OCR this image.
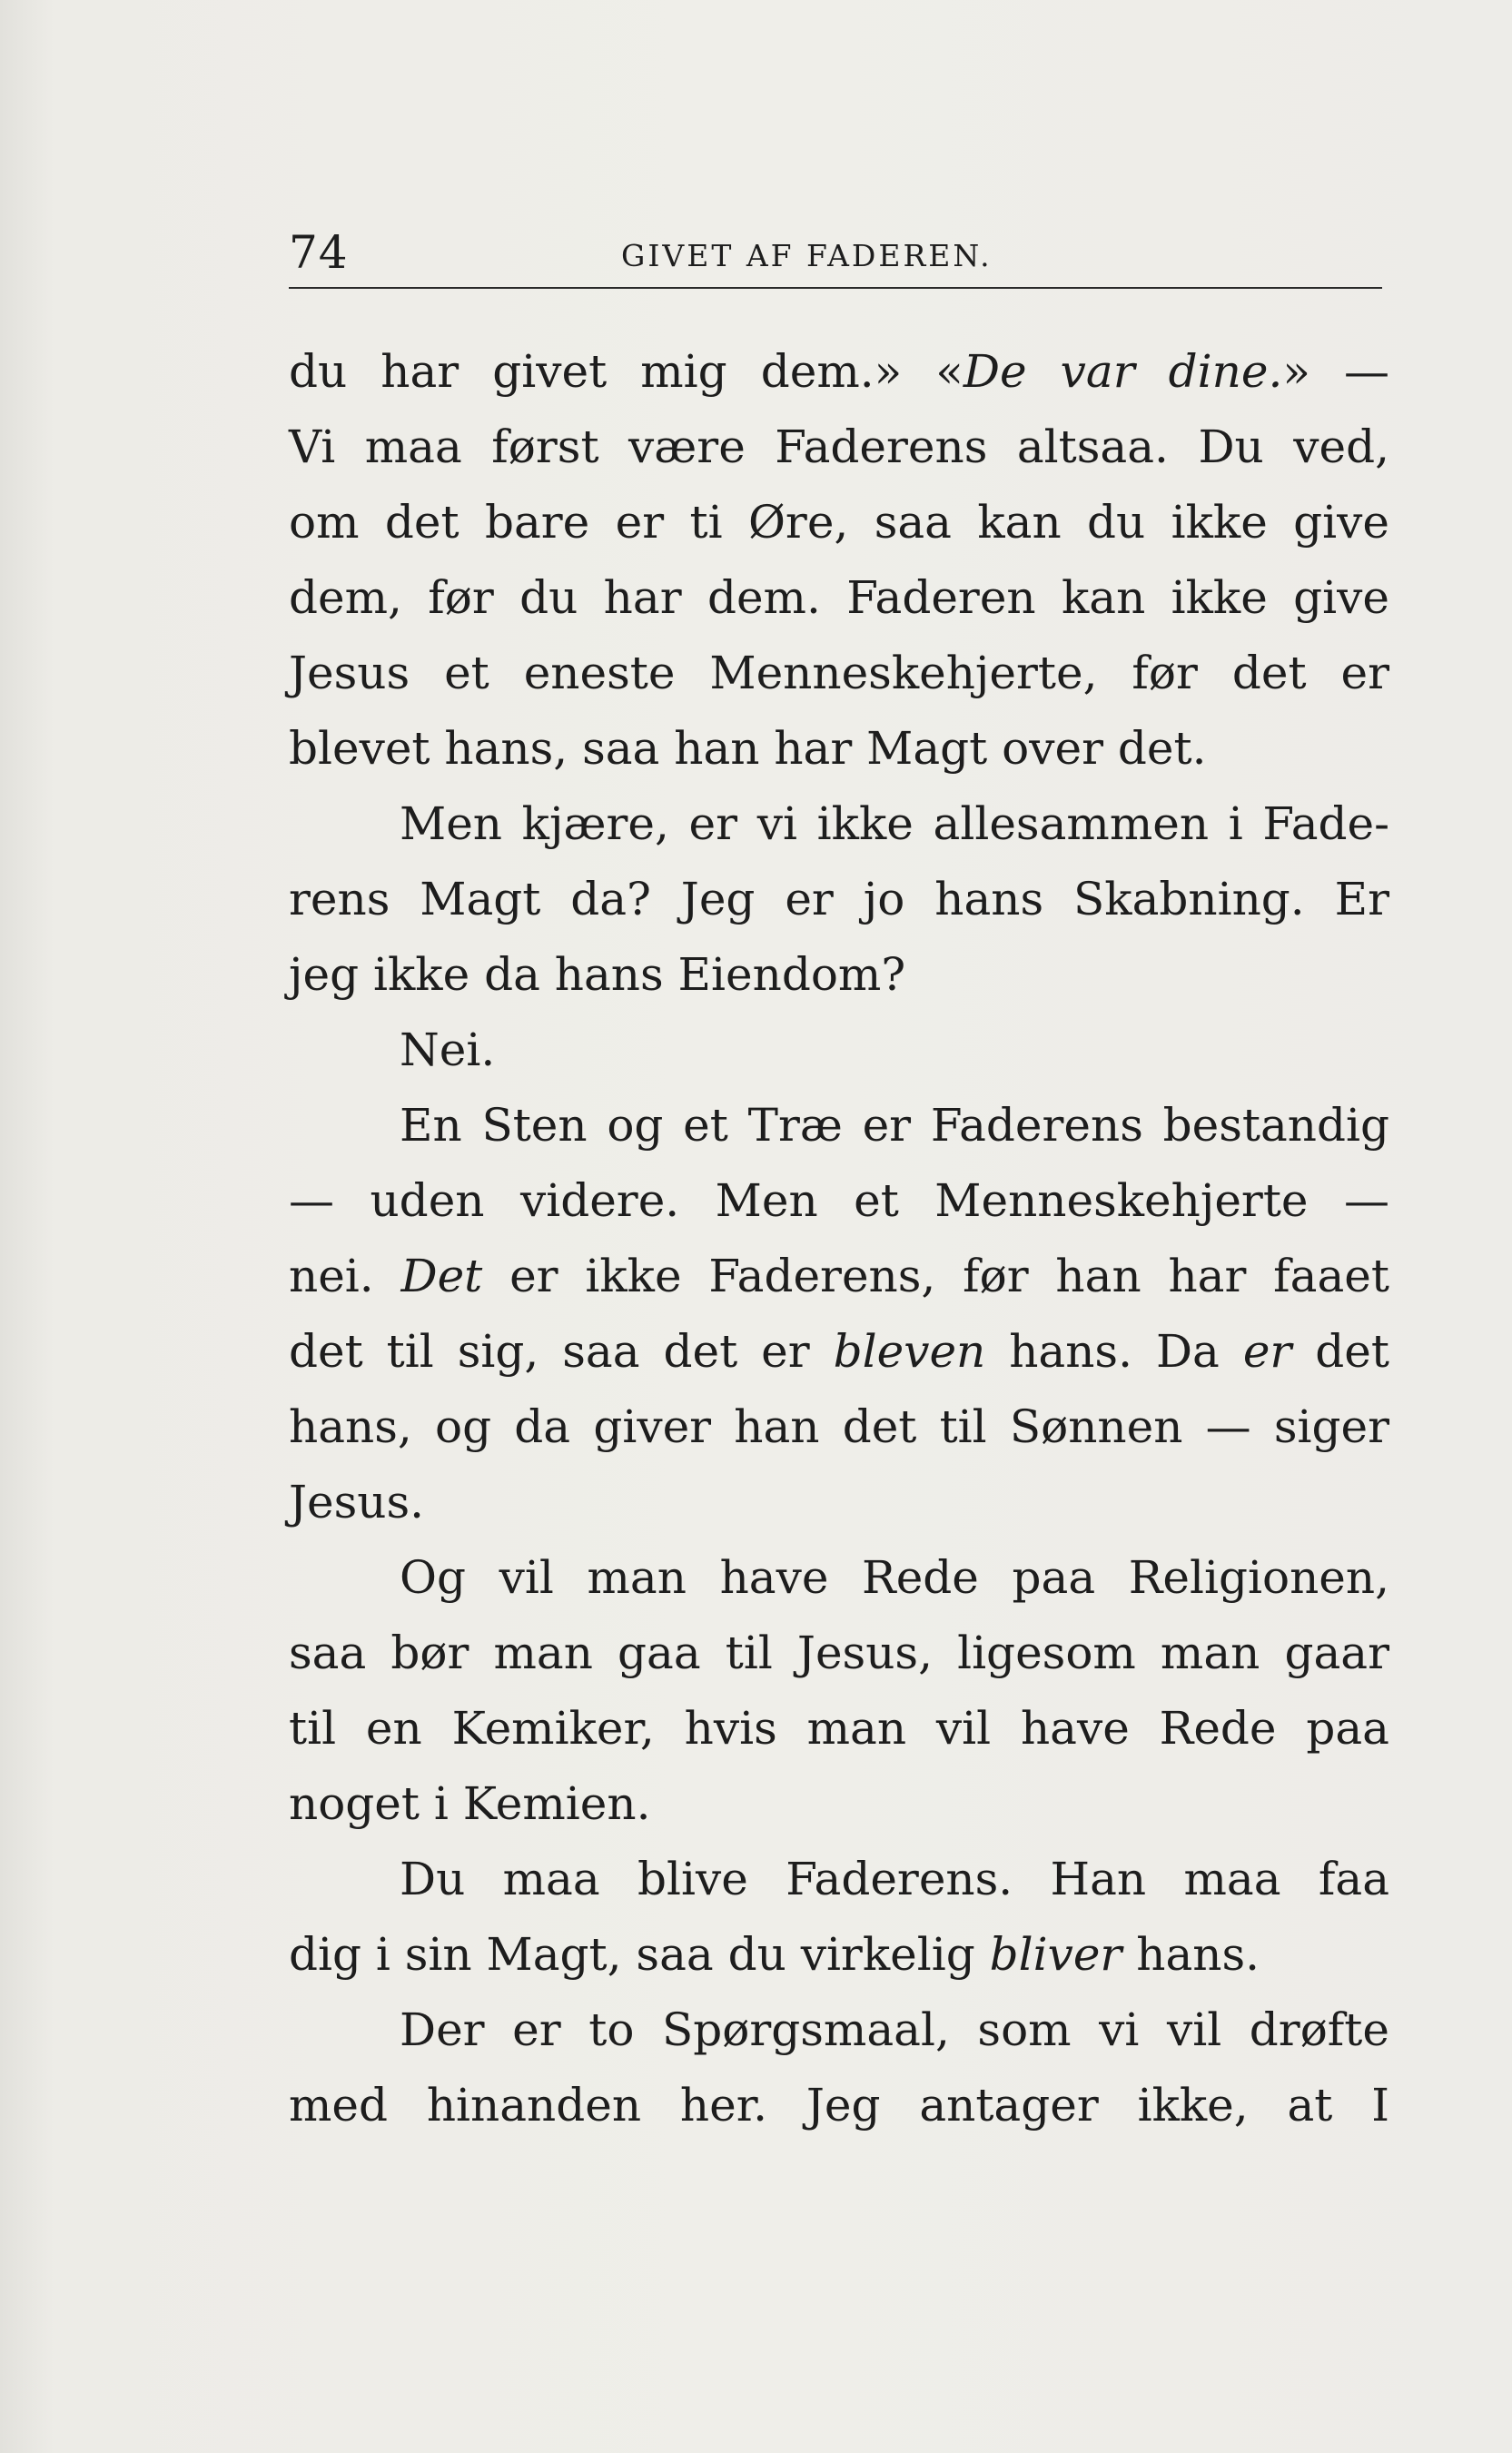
74	GIVET AF FADEREN.
du har givet mig dem.» «De var dine.» —
Vi maa først være Faderens altsaa. Du ved,
om det bare er ti Øre, saa kan du ikke give
dem, før du har dem. Faderen kan ikke give
Jesus et eneste Menneskehjerte, før det er
blevet hans, saa han har Magt over det.
Men kjære, er vi ikke allesammen i Fade-
rens Magt da? Jeg er jo hans Skabning. Er
jeg ikke da hans Eiendom?
Nei.
En Sten og et Træ er Faderens bestandig
— uden videre. Men et Menneskehjerte —
nei. Det er ikke Faderens, før han har faaet
det til sig, saa det er bleven hans. Da er det
hans, og da giver han det til Sønnen — siger
Jesus.
Og vil man have Rede paa Religionen,
saa bør man gaa til Jesus, ligesom man gaar
til en Kemiker, hvis man vil have Rede paa
noget i Kemien.
Du maa blive Faderens. Han maa faa
dig i sin Magt, saa du virkelig bliver hans.
Der er to Spørgsmaal, som vi vil drøfte
med hinanden her. Jeg antager ikke, at I
